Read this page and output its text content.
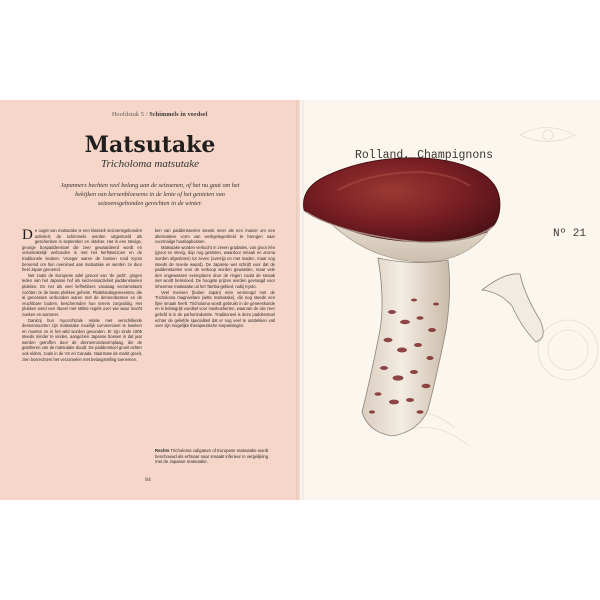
Hoofdstuk 5 / Schimmels in voedsel
Matsutake
Tricholoma matsutake
Japanners hechten veel belang aan de seizoenen, of het nu gaat om het bekijken van kersenbloesems in de lente of het genieten van seizoensgebonden gerechten in de winter.

De oogst van matsutake is een klassiek seizoensgebonden activiteit; de schimmels worden uitgestoeld als geschenken in september en oktober. Het is een stevige, geurige bospaddenstoel die zeer gewaardeerd wordt en onlosmakelijk verbonden is met het herfstseizoen en de traditionele keuken. Vroeger waren de bossen rond Kyoto beroemd om hun overvloed aan matsutake en werden ze door heel Japan geroemd.

Net zoals de Europese adel genoot van 'de jacht', gingen leden van het Japanse hof als seizoensactiviteit paddenstoelen plukken. En net als veel liefhebbers vandaag verzamelaars zochten ze de beste plekken geheim. Plattelandsgemeenten, die al generaties verbonden waren met de dennenbossen en de vruchtbare bodem, beschermden hun terrein zorgvuldig. Het plukken werd een ritueel met strikte regels over wie waar mocht zoeken en wanneer.

Dankzij hun mycorrhizale relatie met verschillende dennensoorten zijn matsutake moeilijk commercieel te kweken en moeten ze in het wild worden gevonden. Er zijn sinds 1905 steeds minder te vinden, aangezien Japanse bossen in dat jaar werden getroffen door de dennenrondwormplaag, die de gastheren van de matsutake doodt. De paddenstoel groeit echter ook elders, zoals in de VS en Canada. Naarmate de markt groeit, zien bosrechters het verzamelen met belangstelling toenemen.

ken van paddenstoelen steeds meer als een manier om een alternatieve vorm van werkgelegenheid te brengen naar voormalige houtkapbossen.

Matsutake worden verkocht in zeven gradaties, van groot één (groot en stevig, dop nog gesloten, waardoor smaak en aroma worden afgesloten) tot zeven (overrijp en met maden, maar nog steeds de moeite waard). De Japanse wet schrijft voor dat de paddenstoelen voor de verkoop worden gewassen, maar vele den ongewassen exemplaren door de ringen zodat de smaak niet wordt beïnvloed. De hoogste prijzen worden gevraagd voor inheemse matsutake uit het Tamba-gebied, nabij Kyoto.

Veel mensen (buiten Japan) eten vermengd met de Tricholoma magnivelare (witte matsutake), die nog steeds een fijne smaak heeft. Tricholoma wordt gebruikt in de geneeskunde en is belangrijk voedsel voor muskusherten, waarvan de olie zeer geliefd is in de parfumindustrie. Traditioneel is deze paddenstoel echter de geliefde specialiteit dat er nog veel te ontdekken valt over zijn mogelijke therapeutische toepassingen.

Rechts Tricholoma caligatum of Europese matsutake wordt beschouwd als erfmaar naar smaakt inferieur in vergelijking met de Japanse matsutake.
84
Rolland, Champignons
Nº 21
